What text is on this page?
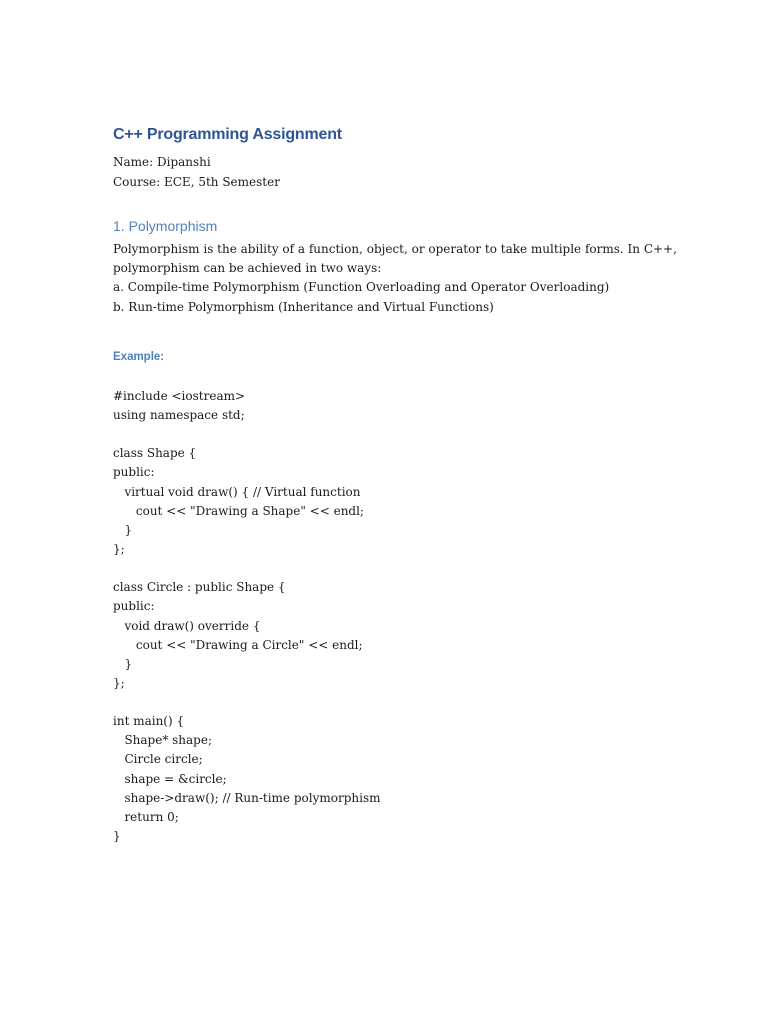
C++ Programming Assignment

Name: Dipanshi

Course: ECE, 5th Semester

1. Polymorphism

Polymorphism is the ability of a function, object, or operator to take multiple forms. In C++,

polymorphism can be achieved in two ways:

a. Compile-time Polymorphism (Function Overloading and Operator Overloading)

b. Run-time Polymorphism (Inheritance and Virtual Functions)

Example:

#include <iostream>

using namespace std;

class Shape {

public:

virtual void draw() { // Virtual function

cout << "Drawing a Shape" << endl;

}

};

class Circle : public Shape {

public:

void draw() override {

cout << "Drawing a Circle" << endl;

}

};

int main() {

Shape* shape;

Circle circle;

shape = &circle;

shape->draw(); // Run-time polymorphism

return 0;

}
